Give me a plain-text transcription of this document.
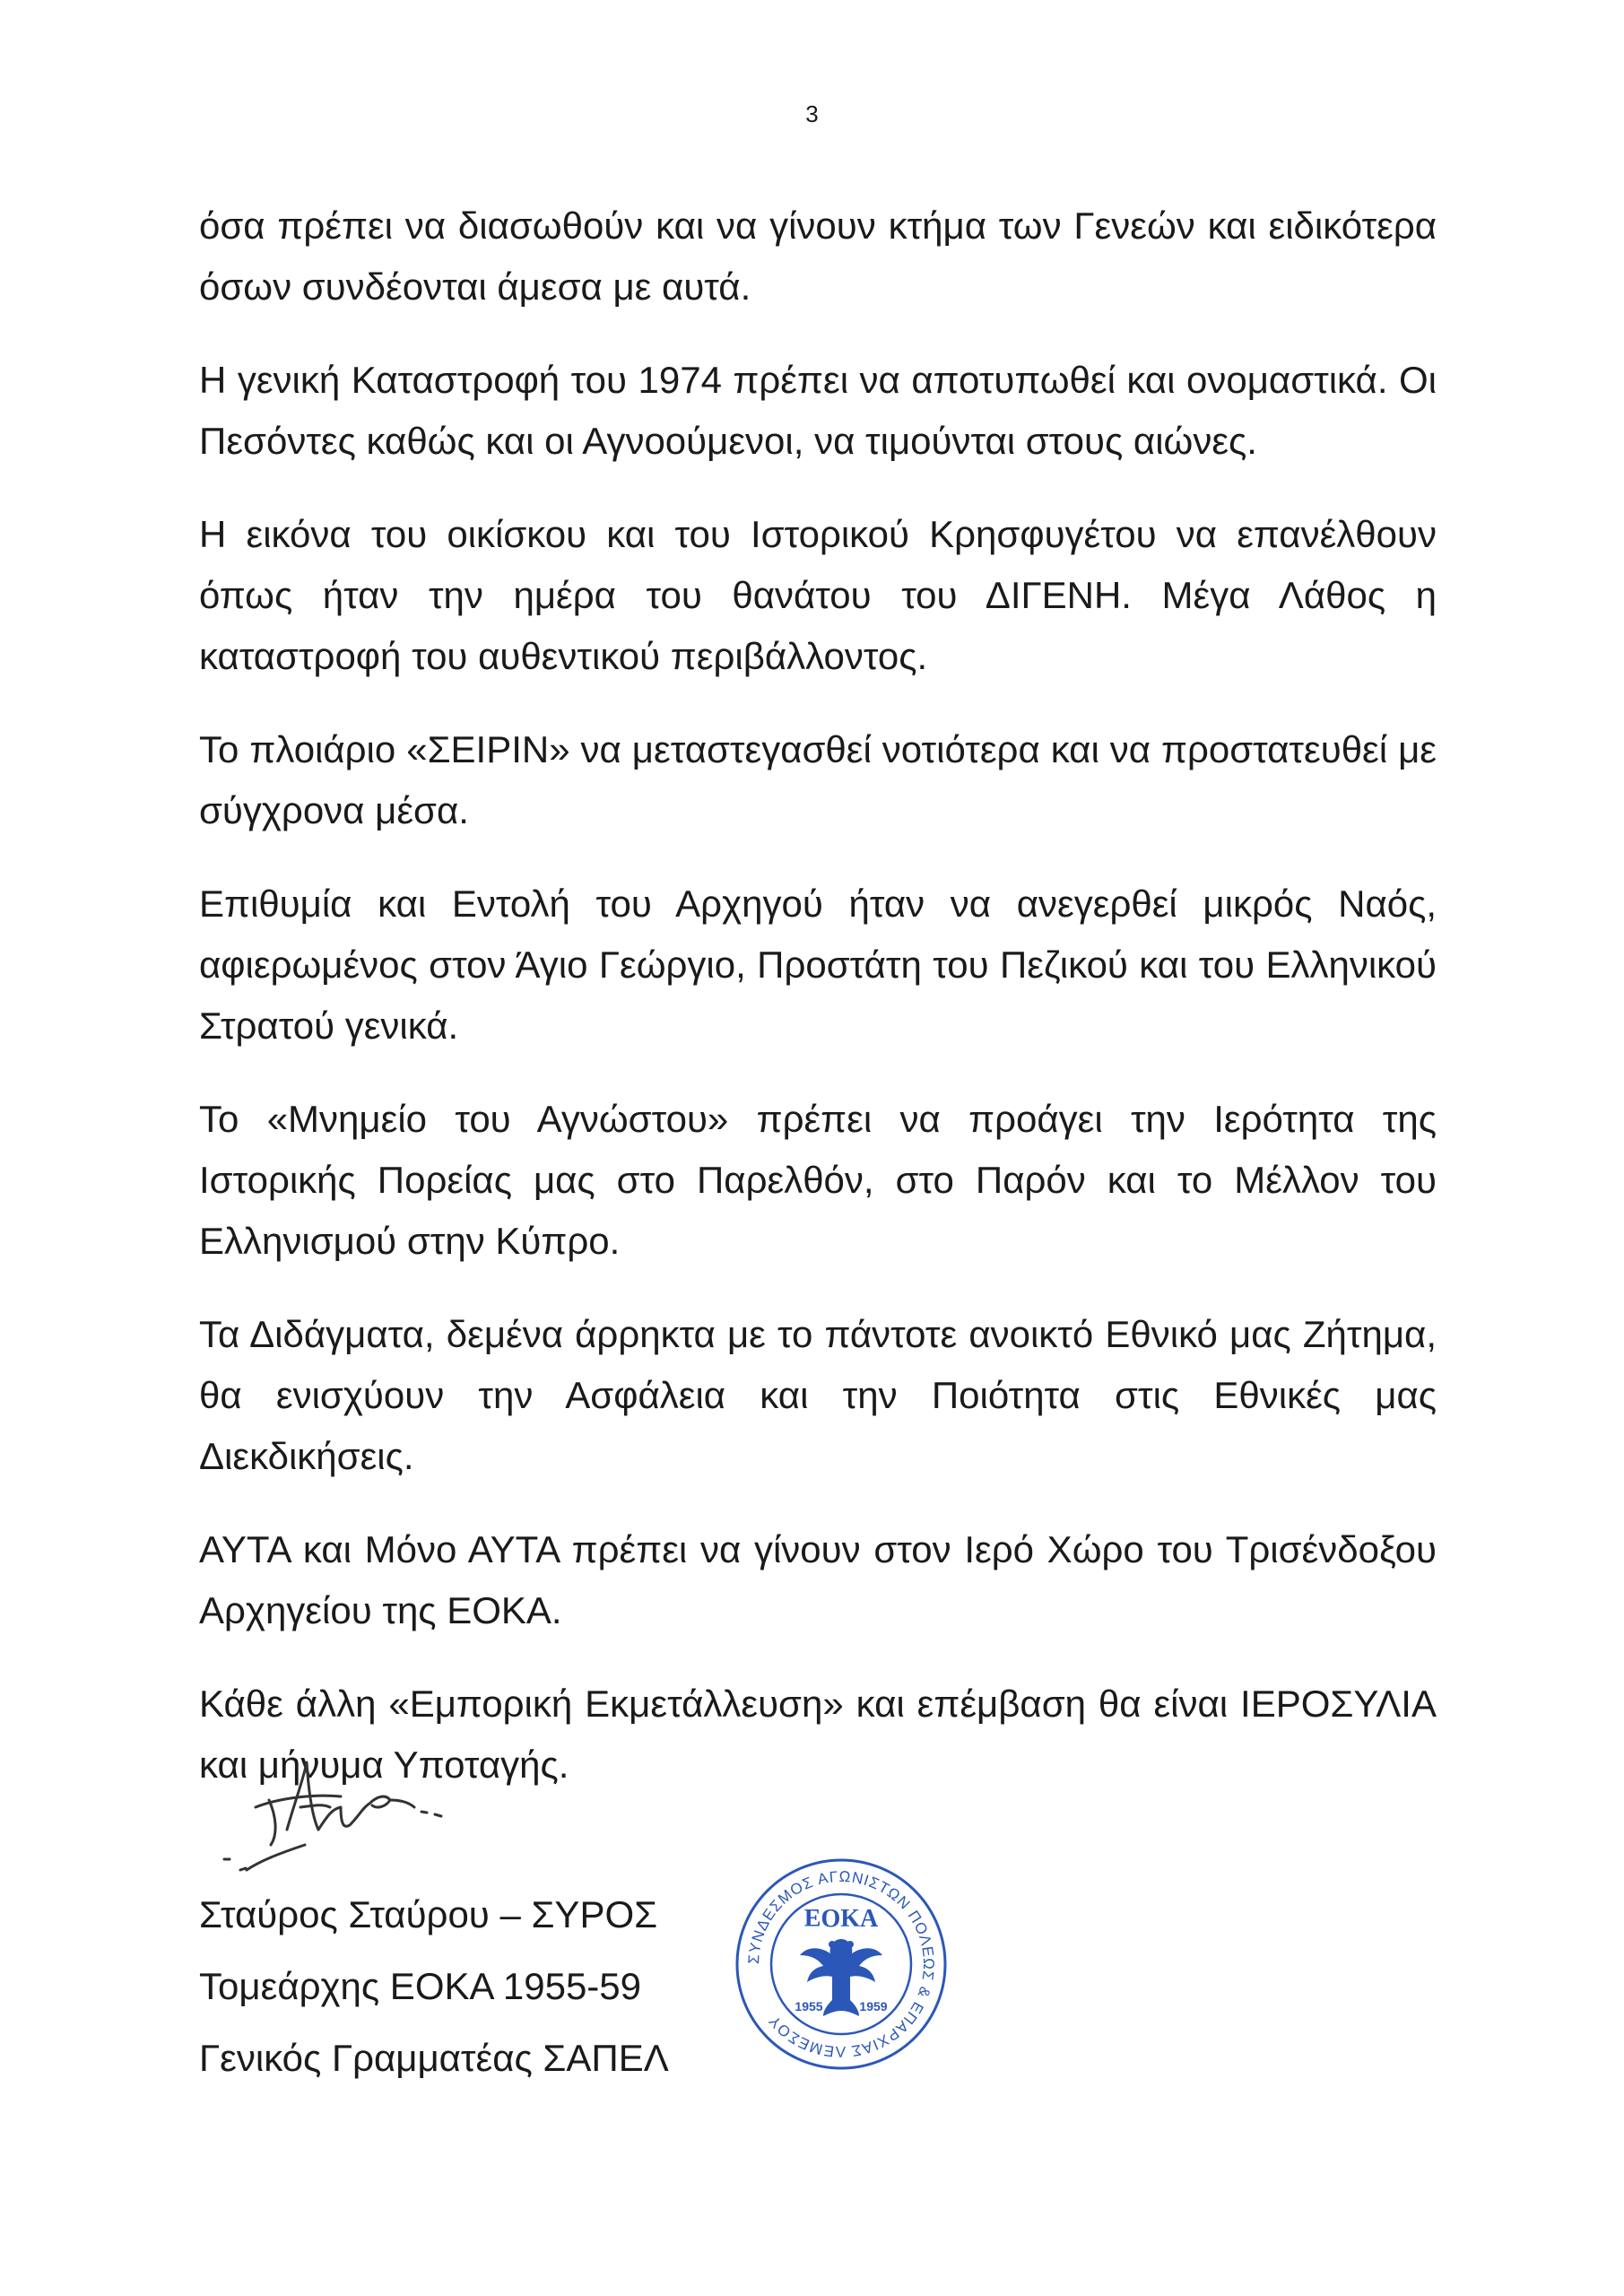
3

όσα πρέπει να διασωθούν και να γίνουν κτήμα των Γενεών και ειδικότερα όσων συνδέονται άμεσα με αυτά.

Η γενική Καταστροφή του 1974 πρέπει να αποτυπωθεί και ονομαστικά. Οι Πεσόντες καθώς και οι Αγνοούμενοι, να τιμούνται στους αιώνες.

Η εικόνα του οικίσκου και του Ιστορικού Κρησφυγέτου να επανέλθουν όπως ήταν την ημέρα του θανάτου του ΔΙΓΕΝΗ. Μέγα Λάθος η καταστροφή του αυθεντικού περιβάλλοντος.

Το πλοιάριο «ΣΕΙΡΙΝ» να μεταστεγασθεί νοτιότερα και να προστατευθεί με σύγχρονα μέσα.

Επιθυμία και Εντολή του Αρχηγού ήταν να ανεγερθεί μικρός Ναός, αφιερωμένος στον Άγιο Γεώργιο, Προστάτη του Πεζικού και του Ελληνικού Στρατού γενικά.

Το «Μνημείο του Αγνώστου» πρέπει να προάγει την Ιερότητα της Ιστορικής Πορείας μας στο Παρελθόν, στο Παρόν και το Μέλλον του Ελληνισμού στην Κύπρο.

Τα Διδάγματα, δεμένα άρρηκτα με το πάντοτε ανοικτό Εθνικό μας Ζήτημα, θα ενισχύουν την Ασφάλεια και την Ποιότητα στις Εθνικές μας Διεκδικήσεις.

ΑΥΤΑ και Μόνο ΑΥΤΑ πρέπει να γίνουν στον Ιερό Χώρο του Τρισένδοξου Αρχηγείου της ΕΟΚΑ.

Κάθε άλλη «Εμπορική Εκμετάλλευση» και επέμβαση θα είναι ΙΕΡΟΣΥΛΙΑ και μήνυμα Υποταγής.

Σταύρος Σταύρου – ΣΥΡΟΣ
Τομεάρχης ΕΟΚΑ 1955-59
Γενικός Γραμματέας ΣΑΠΕΛ
ΣΥΝΔΕΣΜΟΣ ΑΓΩΝΙΣΤΩΝ ΠΟΛΕΩΣ & ΕΠΑΡΧΙΑΣ ΛΕΜΕΣΟΥ
ΕΟΚΑ
1955	1959
